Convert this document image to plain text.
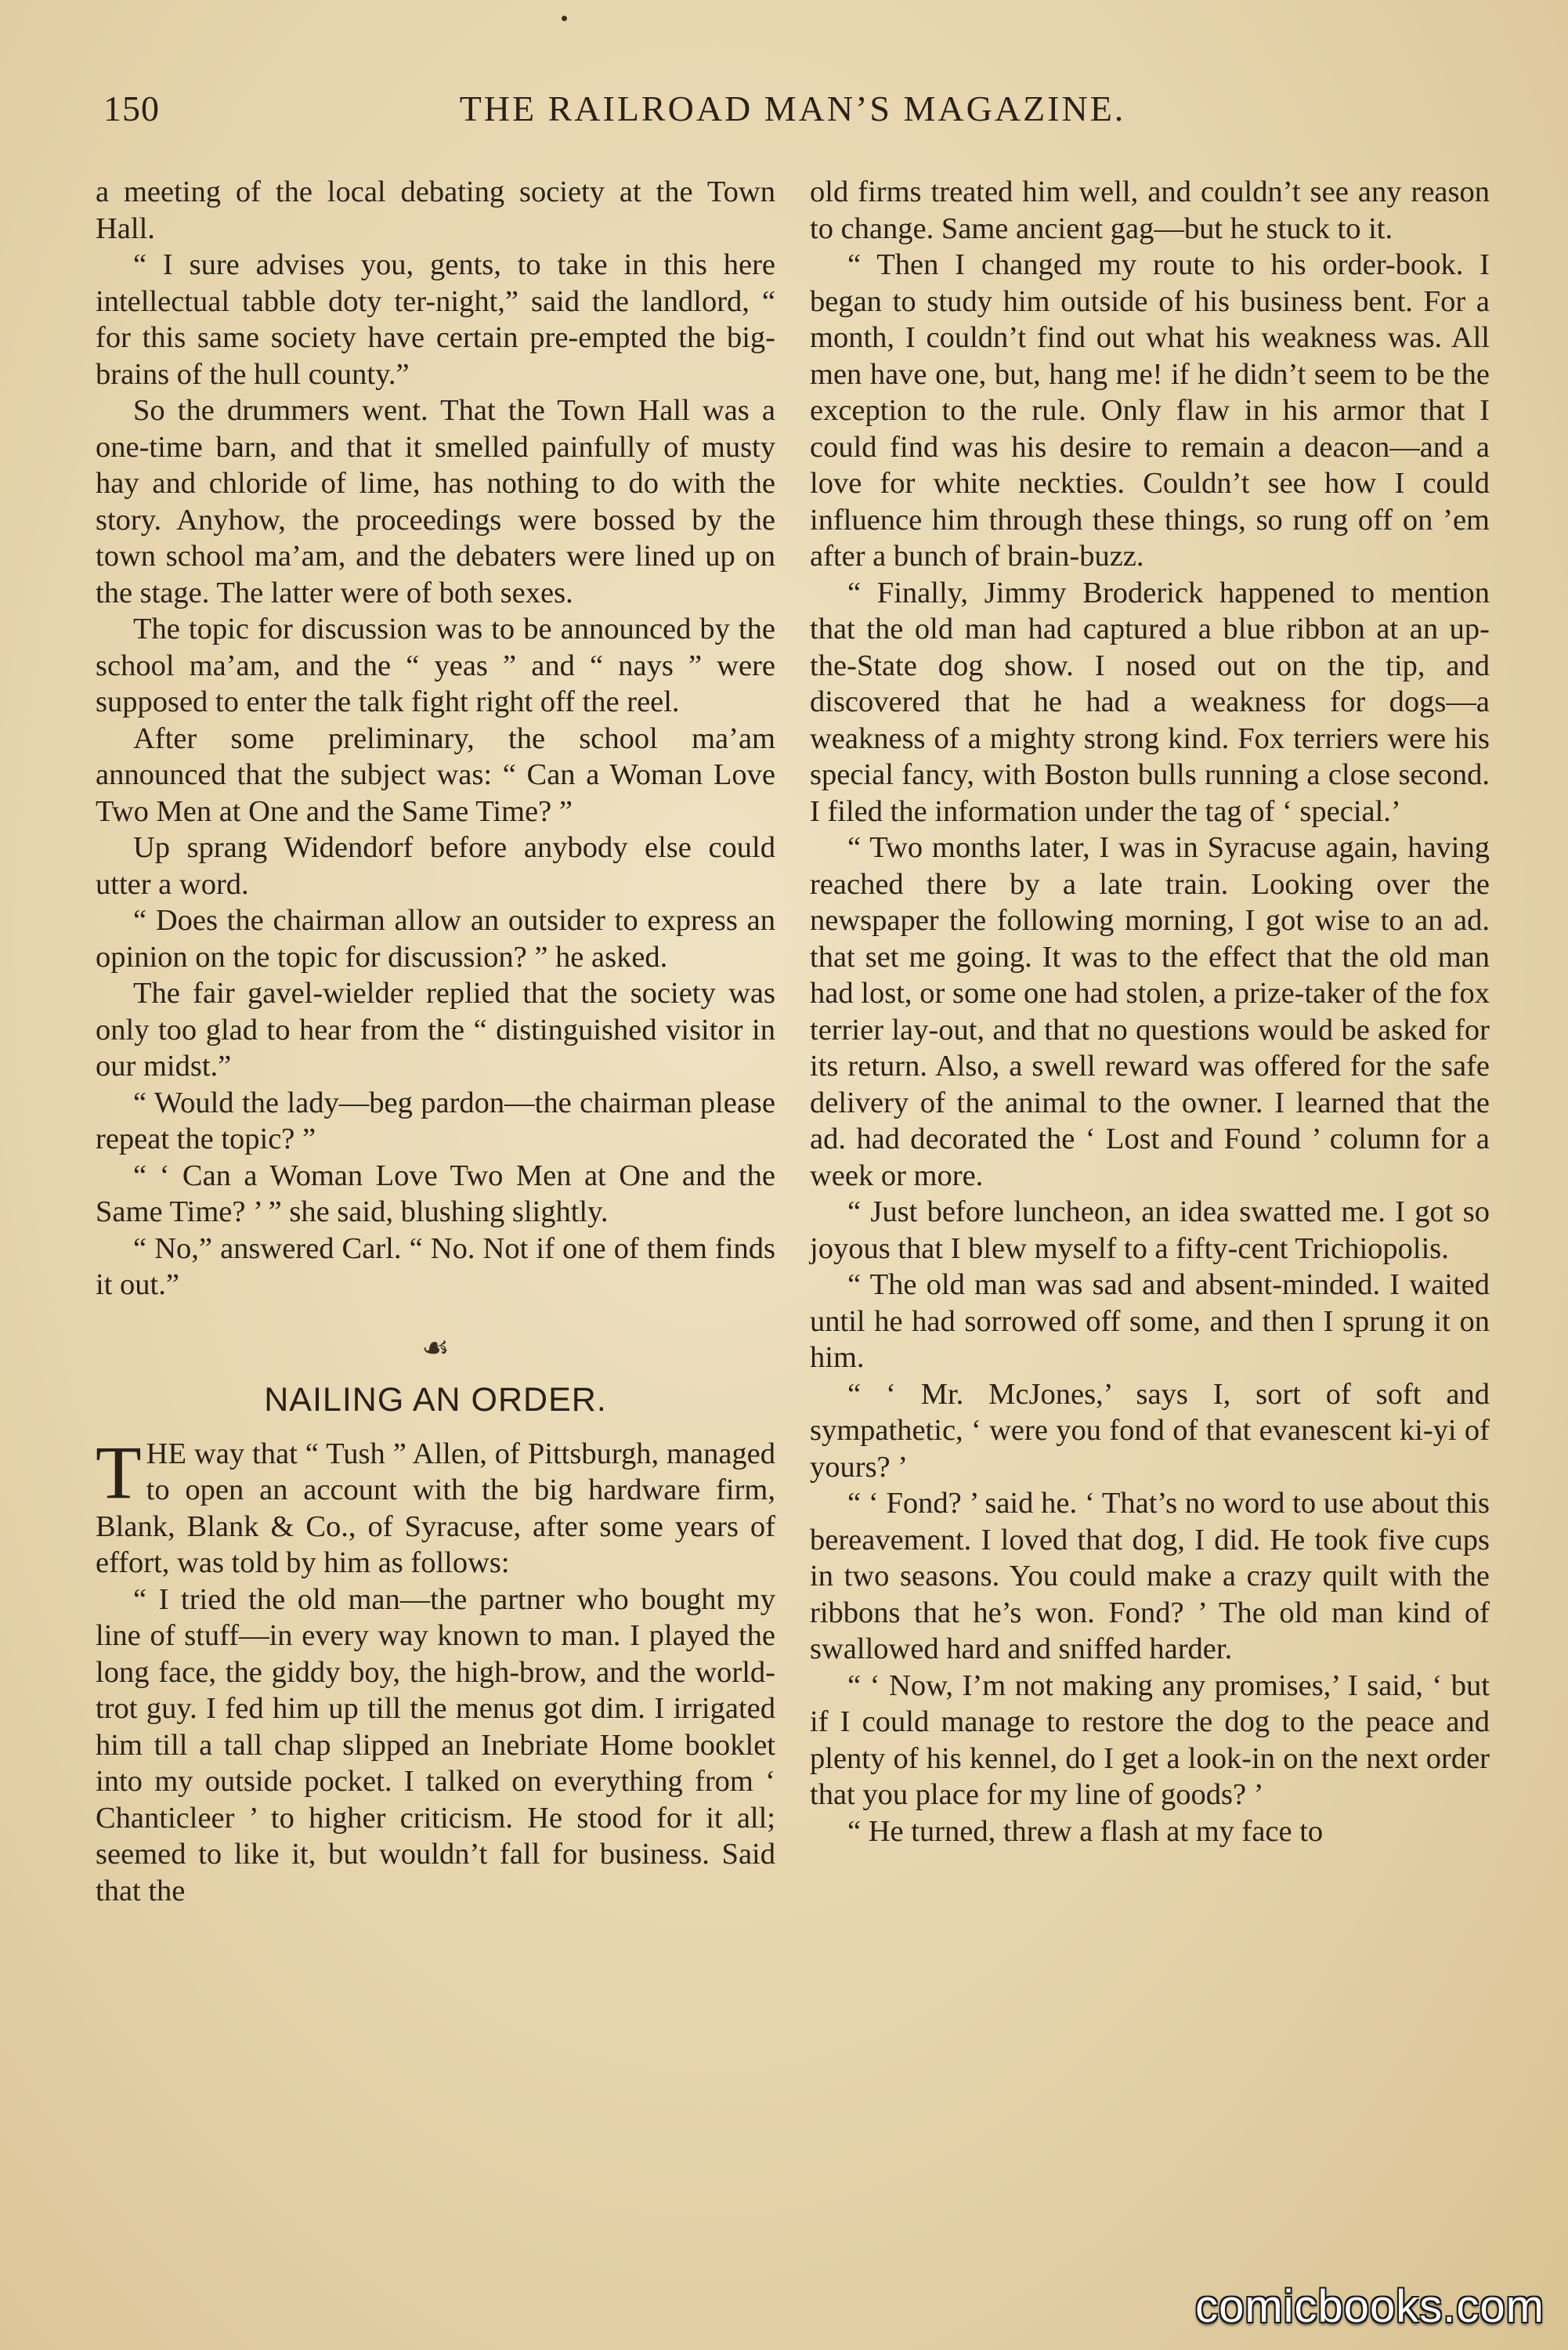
150	THE RAILROAD MAN’S MAGAZINE.

a meeting of the local debating society at the Town Hall.

“ I sure advises you, gents, to take in this here intellectual tabble doty ter-night,” said the landlord, “ for this same society have certain pre-empted the big-brains of the hull county.”

So the drummers went. That the Town Hall was a one-time barn, and that it smelled painfully of musty hay and chloride of lime, has nothing to do with the story. Anyhow, the proceedings were bossed by the town school ma’am, and the debaters were lined up on the stage. The latter were of both sexes.

The topic for discussion was to be announced by the school ma’am, and the “ yeas ” and “ nays ” were supposed to enter the talk fight right off the reel.

After some preliminary, the school ma’am announced that the subject was: “ Can a Woman Love Two Men at One and the Same Time? ”

Up sprang Widendorf before anybody else could utter a word.

“ Does the chairman allow an outsider to express an opinion on the topic for discussion? ” he asked.

The fair gavel-wielder replied that the society was only too glad to hear from the “ distinguished visitor in our midst.”

“ Would the lady—beg pardon—the chairman please repeat the topic? ”

“ ‘ Can a Woman Love Two Men at One and the Same Time? ’ ” she said, blushing slightly.

“ No,” answered Carl. “ No. Not if one of them finds it out.”

☙
NAILING AN ORDER.

T HE way that “ Tush ” Allen, of Pittsburgh, managed to open an account with the big hardware firm, Blank, Blank & Co., of Syracuse, after some years of effort, was told by him as follows:

“ I tried the old man—the partner who bought my line of stuff—in every way known to man. I played the long face, the giddy boy, the high-brow, and the world-trot guy. I fed him up till the menus got dim. I irrigated him till a tall chap slipped an Inebriate Home booklet into my outside pocket. I talked on everything from ‘ Chanticleer ’ to higher criticism. He stood for it all; seemed to like it, but wouldn’t fall for business. Said that the

old firms treated him well, and couldn’t see any reason to change. Same ancient gag—but he stuck to it.

“ Then I changed my route to his order-book. I began to study him outside of his business bent. For a month, I couldn’t find out what his weakness was. All men have one, but, hang me! if he didn’t seem to be the exception to the rule. Only flaw in his armor that I could find was his desire to remain a deacon—and a love for white neckties. Couldn’t see how I could influence him through these things, so rung off on ’em after a bunch of brain-buzz.

“ Finally, Jimmy Broderick happened to mention that the old man had captured a blue ribbon at an up-the-State dog show. I nosed out on the tip, and discovered that he had a weakness for dogs—a weakness of a mighty strong kind. Fox terriers were his special fancy, with Boston bulls running a close second. I filed the information under the tag of ‘ special.’

“ Two months later, I was in Syracuse again, having reached there by a late train. Looking over the newspaper the following morning, I got wise to an ad. that set me going. It was to the effect that the old man had lost, or some one had stolen, a prize-taker of the fox terrier lay-out, and that no questions would be asked for its return. Also, a swell reward was offered for the safe delivery of the animal to the owner. I learned that the ad. had decorated the ‘ Lost and Found ’ column for a week or more.

“ Just before luncheon, an idea swatted me. I got so joyous that I blew myself to a fifty-cent Trichiopolis.

“ The old man was sad and absent-minded. I waited until he had sorrowed off some, and then I sprung it on him.

“ ‘ Mr. McJones,’ says I, sort of soft and sympathetic, ‘ were you fond of that evanescent ki-yi of yours? ’

“ ‘ Fond? ’ said he. ‘ That’s no word to use about this bereavement. I loved that dog, I did. He took five cups in two seasons. You could make a crazy quilt with the ribbons that he’s won. Fond? ’ The old man kind of swallowed hard and sniffed harder.

“ ‘ Now, I’m not making any promises,’ I said, ‘ but if I could manage to restore the dog to the peace and plenty of his kennel, do I get a look-in on the next order that you place for my line of goods? ’

“ He turned, threw a flash at my face to

comicbooks.com
